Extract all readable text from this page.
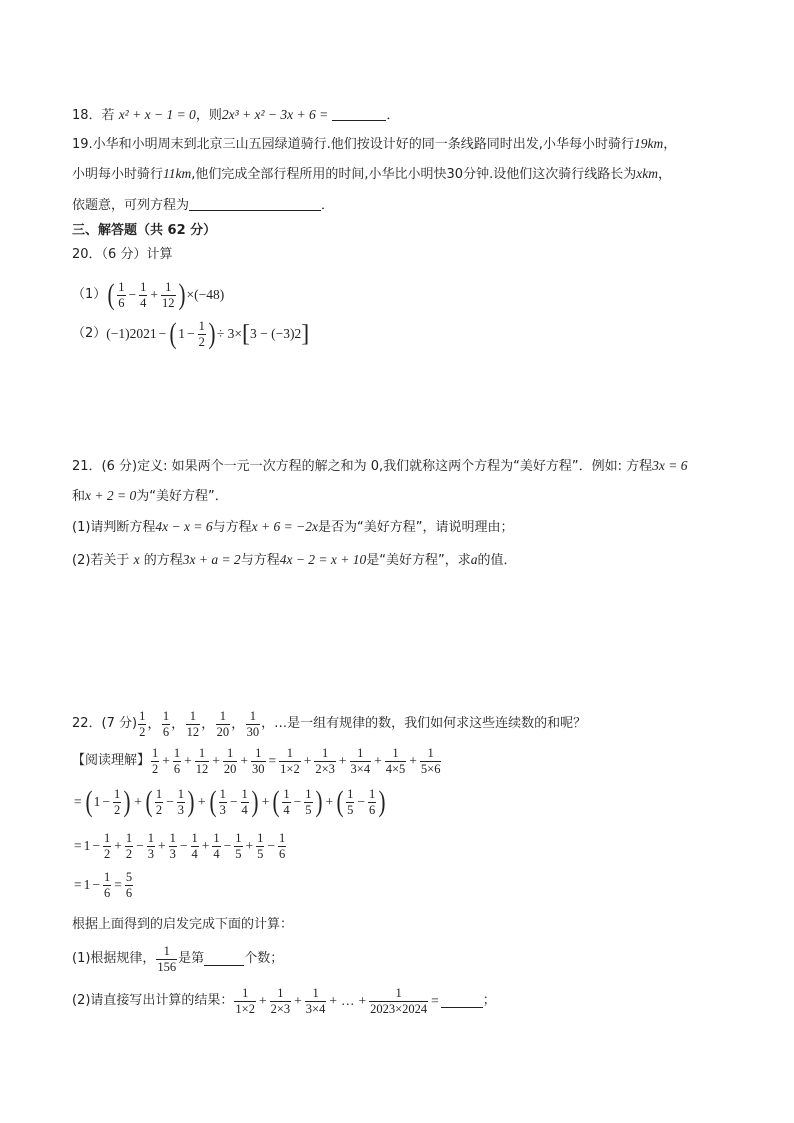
18．若 x² + x − 1 = 0，则2x³ + x² − 3x + 6 =	．
19.小华和小明周末到北京三山五园绿道骑行.他们按设计好的同一条线路同时出发,小华每小时骑行19km，
小明每小时骑行11km,他们完成全部行程所用的时间,小华比小明快30分钟.设他们这次骑行线路长为xkm，
依题意，可列方程为	．
三、解答题（共 62 分）
20．（6 分）计算
（1） ( $\frac{1}{6} - \frac{1}{4} + \frac{1}{12}$ ) ×(−48)
（2） (−1) 2021 − ( $1 - \frac{1}{2}$ ) ÷ 3× [ 3 − (−3) 2 ]
21．(6 分)定义: 如果两个一元一次方程的解之和为 0,我们就称这两个方程为“美好方程”．例如: 方程3x = 6
和x + 2 = 0为“美好方程”．
(1)请判断方程4x − x = 6与方程x + 6 = −2x是否为“美好方程”，请说明理由；
(2)若关于 x 的方程3x + a = 2与方程4x − 2 = x + 10是“美好方程”，求a的值．
22．(7 分) $\frac{1}{2}$ ， $\frac{1}{6}$ ， $\frac{1}{12}$ ， $\frac{1}{20}$ ， $\frac{1}{30}$ ，…是一组有规律的数，我们如何求这些连续数的和呢？
【阅读理解】 $\frac{1}{2} + \frac{1}{6} + \frac{1}{12} + \frac{1}{20} + \frac{1}{30} = \frac{1}{1\times 2} + \frac{1}{2\times 3} + \frac{1}{3\times 4} + \frac{1}{4\times 5} + \frac{1}{5\times 6}$
= ( $1 - \frac{1}{2}$ ) + ( $\frac{1}{2} - \frac{1}{3}$ ) + ( $\frac{1}{3} - \frac{1}{4}$ ) + ( $\frac{1}{4} - \frac{1}{5}$ ) + ( $\frac{1}{5} - \frac{1}{6}$ )
= $1 - \frac{1}{2} + \frac{1}{2} - \frac{1}{3} + \frac{1}{3} - \frac{1}{4} + \frac{1}{4} - \frac{1}{5} + \frac{1}{5} - \frac{1}{6}$
= $1 - \frac{1}{6} = \frac{5}{6}$
根据上面得到的启发完成下面的计算：
(1)根据规律， $\frac{1}{156}$ 是第	个数；
(2)请直接写出计算的结果： $\frac{1}{1\times 2} + \frac{1}{2\times 3} + \frac{1}{3\times 4}$ + … + $\frac{1}{2023\times 2024}$ =	；
